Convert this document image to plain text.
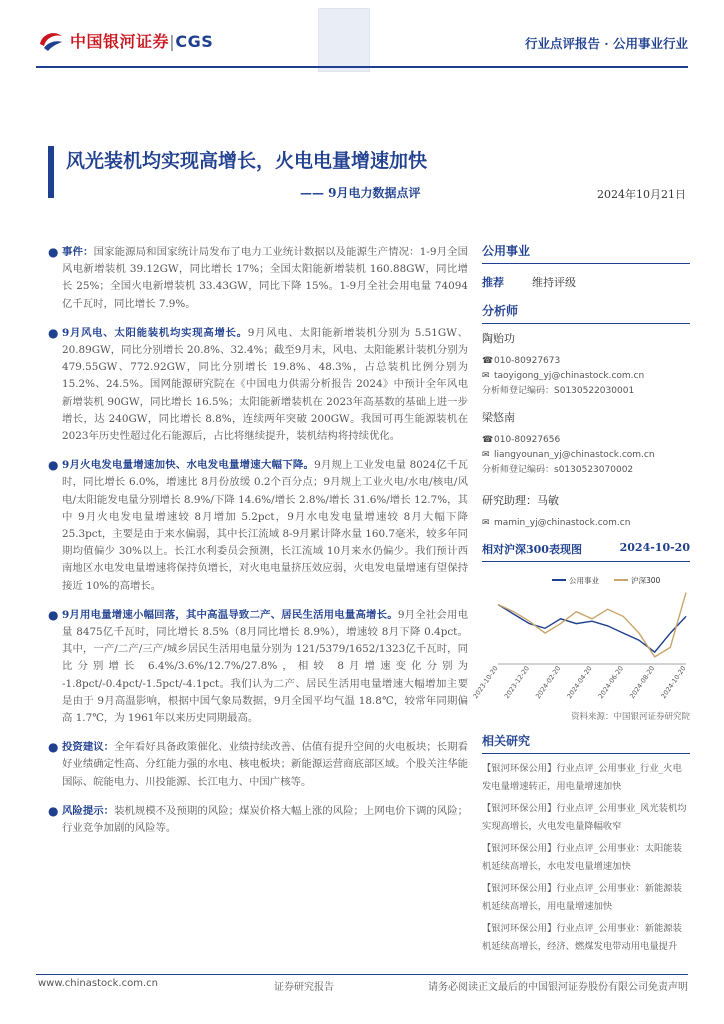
中国银河证券|CGS	行业点评报告 · 公用事业行业
风光装机均实现高增长，火电电量增速加快
—— 9月电力数据点评	2024年10月21日
● 事件：国家能源局和国家统计局发布了电力工业统计数据以及能源生产情况：1-9月全国风电新增装机 39.12GW，同比增长 17%；全国太阳能新增装机 160.88GW，同比增长 25%；全国火电新增装机 33.43GW，同比下降 15%。1-9月全社会用电量 74094亿千瓦时，同比增长 7.9%。
● 9月风电、太阳能装机均实现高增长。9月风电、太阳能新增装机分别为 5.51GW、20.89GW，同比分别增长 20.8%、32.4%；截至9月末，风电、太阳能累计装机分别为 479.55GW、772.92GW，同比分别增长 19.8%、48.3%，占总装机比例分别为 15.2%、24.5%。国网能源研究院在《中国电力供需分析报告 2024》中预计全年风电新增装机 90GW，同比增长 16.5%；太阳能新增装机在 2023年高基数的基础上进一步增长，达 240GW，同比增长 8.8%，连续两年突破 200GW。我国可再生能源装机在 2023年历史性超过化石能源后，占比将继续提升，装机结构将持续优化。
● 9月火电发电量增速加快、水电发电量增速大幅下降。9月规上工业发电量 8024亿千瓦时，同比增长 6.0%，增速比 8月份放缓 0.2个百分点；9月规上工业火电/水电/核电/风电/太阳能发电量分别增长 8.9%/下降 14.6%/增长 2.8%/增长 31.6%/增长 12.7%，其中 9月火电发电量增速较 8月增加 5.2pct，9月水电发电量增速较 8月大幅下降 25.3pct，主要是由于来水偏弱，其中长江流域 8-9月累计降水量 160.7毫米，较多年同期均值偏少 30%以上。长江水利委员会预测，长江流域 10月来水仍偏少。我们预计西南地区水电发电量增速将保持负增长，对火电电量挤压效应弱，火电发电量增速有望保持接近 10%的高增长。
● 9月用电量增速小幅回落，其中高温导致二产、居民生活用电量高增长。9月全社会用电量 8475亿千瓦时，同比增长 8.5%（8月同比增长 8.9%），增速较 8月下降 0.4pct。其中，一产/二产/三产/城乡居民生活用电量分别为 121/5379/1652/1323亿千瓦时，同比分别增长 6.4%/3.6%/12.7%/27.8%，相较 8月增速变化分别为 -1.8pct/-0.4pct/-1.5pct/-4.1pct。我们认为二产、居民生活用电量增速大幅增加主要是由于 9月高温影响，根据中国气象局数据，9月全国平均气温 18.8℃，较常年同期偏高 1.7℃，为 1961年以来历史同期最高。
● 投资建议：全年看好具备政策催化、业绩持续改善、估值有提升空间的火电板块；长期看好业绩确定性高、分红能力强的水电、核电板块；新能源运营商底部区域。个股关注华能国际、皖能电力、川投能源、长江电力、中国广核等。
● 风险提示：装机规模不及预期的风险；煤炭价格大幅上涨的风险；上网电价下调的风险；行业竞争加剧的风险等。
公用事业
推荐	维持评级
分析师
陶贻功
☎010-80927673
✉ taoyigong_yj@chinastock.com.cn
分析师登记编码：S0130522030001
梁悠南
☎010-80927656
✉ liangyounan_yj@chinastock.com.cn
分析师登记编码：s0130523070002
研究助理：马敏
✉ mamin_yj@chinastock.com.cn
相对沪深300表现图	2024-10-20
公用事业	沪深300
2023-10-20 2023-12-20 2024-02-20 2024-04-20 2024-06-20 2024-08-20 2024-10-20
资料来源：中国银河证券研究院
相关研究
【银河环保公用】行业点评_公用事业_行业_火电发电量增速转正，用电量增速加快
【银河环保公用】行业点评_公用事业_风光装机均实现高增长，火电发电量降幅收窄
【银河环保公用】行业点评_公用事业：太阳能装机延续高增长，水电发电量增速加快
【银河环保公用】行业点评_公用事业：新能源装机延续高增长，用电量增速加快
【银河环保公用】行业点评_公用事业：新能源装机延续高增长，经济、燃煤发电带动用电量提升
www.chinastock.com.cn	证券研究报告	请务必阅读正文最后的中国银河证券股份有限公司免责声明
